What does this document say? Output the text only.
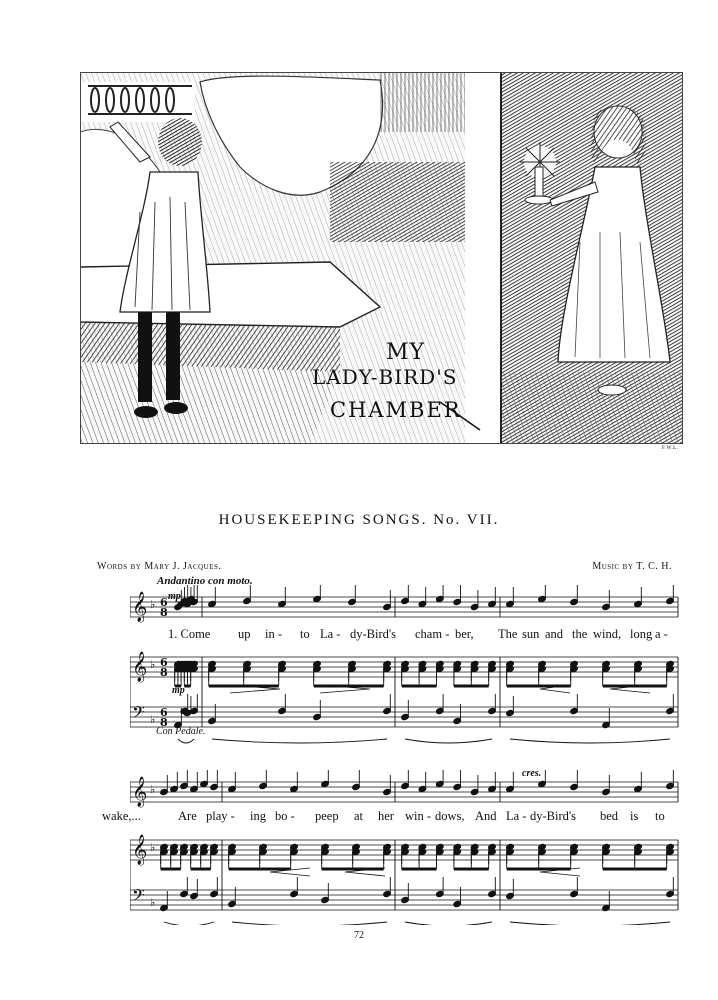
MY
LADY-BIRD'S
CHAMBER
F.W.L.
HOUSEKEEPING SONGS. No. VII.
Words by Mary J. Jacques.	Music by T. C. H.
Andantino con moto.
𝄞
𝄞
𝄢
♭
♭
♭
6
8
6
8
6
8
mp
mp
Con Pedale.
1. Come up in - to La - dy-Bird's cham - ber, The sun and the wind, long a -
𝄞
𝄞
𝄢
♭
♭
♭
cres.
wake,...	Are play - ing bo - peep at her win - dows, And La - dy-Bird's bed is to
72
